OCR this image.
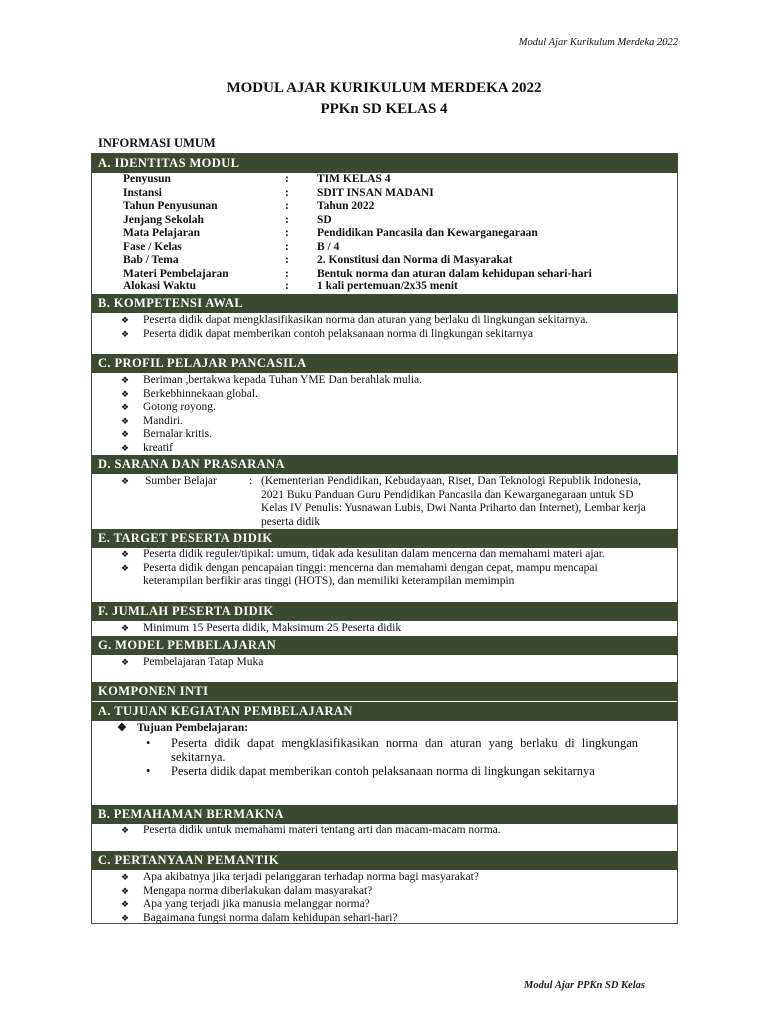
Modul Ajar Kurikulum Merdeka 2022
MODUL AJAR KURIKULUM MERDEKA 2022
PPKn SD KELAS 4
INFORMASI UMUM
A. IDENTITAS MODUL
Penyusun	: TIM KELAS 4
Instansi	: SDIT INSAN MADANI
Tahun Penyusunan	: Tahun 2022
Jenjang Sekolah	: SD
Mata Pelajaran	: Pendidikan Pancasila dan Kewarganegaraan
Fase / Kelas	: B / 4
Bab / Tema	: 2. Konstitusi dan Norma di Masyarakat
Materi Pembelajaran	: Bentuk norma dan aturan dalam kehidupan sehari-hari
Alokasi Waktu	: 1 kali pertemuan/2x35 menit
B. KOMPETENSI AWAL
❖ Peserta didik dapat mengklasifikasikan norma dan aturan yang berlaku di lingkungan sekitarnya.
❖ Peserta didik dapat memberikan contoh pelaksanaan norma di lingkungan sekitarnya
C. PROFIL PELAJAR PANCASILA
❖ Beriman ,bertakwa kepada Tuhan YME Dan berahlak mulia.
❖ Berkebhinnekaan global.
❖ Gotong royong.
❖ Mandiri.
❖ Bernalar kritis.
❖ kreatif
D. SARANA DAN PRASARANA
❖ Sumber Belajar	: (Kementerian Pendidikan, Kebudayaan, Riset, Dan Teknologi Republik Indonesia, 2021 Buku Panduan Guru Pendidikan Pancasila dan Kewarganegaraan untuk SD Kelas IV Penulis: Yusnawan Lubis, Dwi Nanta Priharto dan Internet), Lembar kerja peserta didik
E. TARGET PESERTA DIDIK
❖ Peserta didik reguler/tipikal: umum, tidak ada kesulitan dalam mencerna dan memahami materi ajar.
❖ Peserta didik dengan pencapaian tinggi: mencerna dan memahami dengan cepat, mampu mencapai keterampilan berfikir aras tinggi (HOTS), dan memiliki keterampilan memimpin
F. JUMLAH PESERTA DIDIK
❖ Minimum 15 Peserta didik, Maksimum 25 Peserta didik
G. MODEL PEMBELAJARAN
❖ Pembelajaran Tatap Muka
KOMPONEN INTI
A. TUJUAN KEGIATAN PEMBELAJARAN
❖ Tujuan Pembelajaran:
• Peserta didik dapat mengklasifikasikan norma dan aturan yang berlaku di lingkungan sekitarnya.
• Peserta didik dapat memberikan contoh pelaksanaan norma di lingkungan sekitarnya
B. PEMAHAMAN BERMAKNA
❖ Peserta didik untuk memahami materi tentang arti dan macam-macam norma.
C. PERTANYAAN PEMANTIK
❖ Apa akibatnya jika terjadi pelanggaran terhadap norma bagi masyarakat?
❖ Mengapa norma diberlakukan dalam masyarakat?
❖ Apa yang terjadi jika manusia melanggar norma?
❖ Bagaimana fungsi norma dalam kehidupan sehari-hari?
Modul Ajar PPKn SD Kelas
